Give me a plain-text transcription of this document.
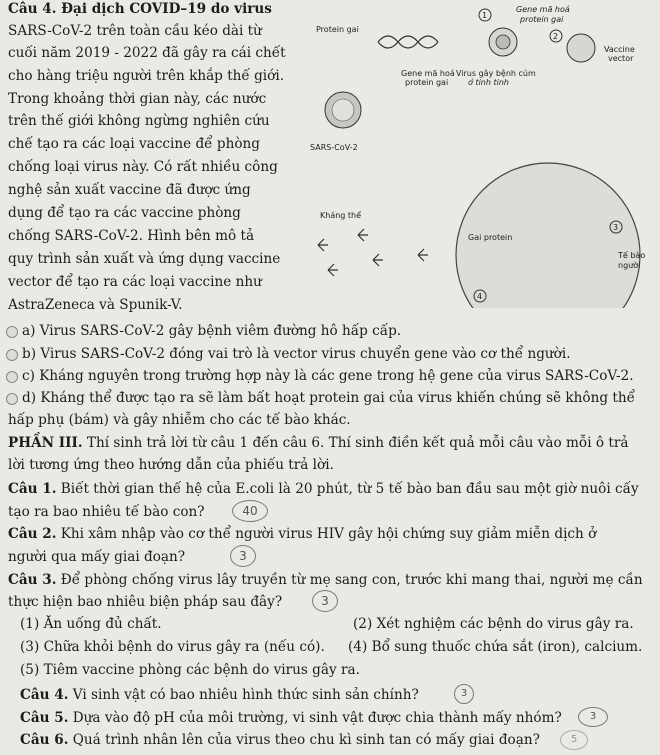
Câu 4. Đại dịch COVID–19 do virus
SARS-CoV-2 trên toàn cầu kéo dài từ
cuối năm 2019 - 2022 đã gây ra cái chết
cho hàng triệu người trên khắp thế giới.
Trong khoảng thời gian này, các nước
trên thế giới không ngừng nghiên cứu
chế tạo ra các loại vaccine để phòng
chống loại virus này. Có rất nhiều công
nghệ sản xuất vaccine đã được ứng
dụng để tạo ra các vaccine phòng
chống SARS-CoV-2. Hình bên mô tả
quy trình sản xuất và ứng dụng vaccine
vector để tạo ra các loại vaccine như
AstraZeneca và Spunik-V.
1
Gene mã hoá
protein gai
Protein gai
2
Vaccine
vector
Gene mã hoá
protein gai
Virus gây bệnh cúm
ở tinh tinh
SARS-CoV-2
Kháng thể
Gai protein
3
Tế bào
người
4
a) Virus SARS-CoV-2 gây bệnh viêm đường hô hấp cấp.
b) Virus SARS-CoV-2 đóng vai trò là vector virus chuyển gene vào cơ thể người.
c) Kháng nguyên trong trường hợp này là các gene trong hệ gene của virus SARS-CoV-2.
d) Kháng thể được tạo ra sẽ làm bất hoạt protein gai của virus khiến chúng sẽ không thể
hấp phụ (bám) và gây nhiễm cho các tế bào khác.
PHẦN III. Thí sinh trả lời từ câu 1 đến câu 6. Thí sinh điền kết quả mỗi câu vào mỗi ô trả
lời tương ứng theo hướng dẫn của phiếu trả lời.
Câu 1. Biết thời gian thế hệ của E.coli là 20 phút, từ 5 tế bào ban đầu sau một giờ nuôi cấy
tạo ra bao nhiêu tế bào con?	40
Câu 2. Khi xâm nhập vào cơ thể người virus HIV gây hội chứng suy giảm miễn dịch ở
người qua mấy giai đoạn?	3
Câu 3. Để phòng chống virus lây truyền từ mẹ sang con, trước khi mang thai, người mẹ cần
thực hiện bao nhiêu biện pháp sau đây?	3
(1) Ăn uống đủ chất.	(2) Xét nghiệm các bệnh do virus gây ra.
(3) Chữa khỏi bệnh do virus gây ra (nếu có). (4) Bổ sung thuốc chứa sắt (iron), calcium.
(5) Tiêm vaccine phòng các bệnh do virus gây ra.
Câu 4. Vi sinh vật có bao nhiêu hình thức sinh sản chính?	3
Câu 5. Dựa vào độ pH của môi trường, vi sinh vật được chia thành mấy nhóm?	3
Câu 6. Quá trình nhân lên của virus theo chu kì sinh tan có mấy giai đoạn?	5
